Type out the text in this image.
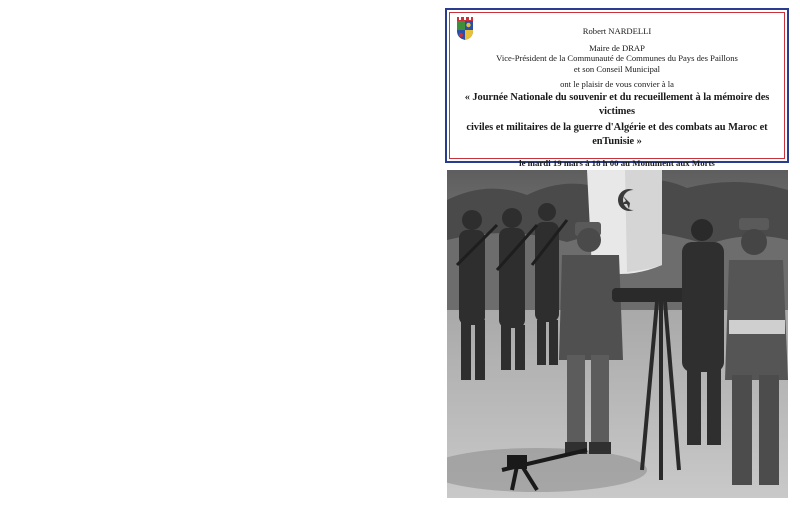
Robert NARDELLI

Maire de DRAP

Vice-Président de la Communauté de Communes du Pays des Paillons

et son Conseil Municipal

ont le plaisir de vous convier à la

« Journée Nationale du souvenir et du recueillement à la mémoire des victimes

civiles et militaires de la guerre d'Algérie et des combats au Maroc et enTunisie »

le mardi 19 mars à 18 h 00 au Monument aux Morts
